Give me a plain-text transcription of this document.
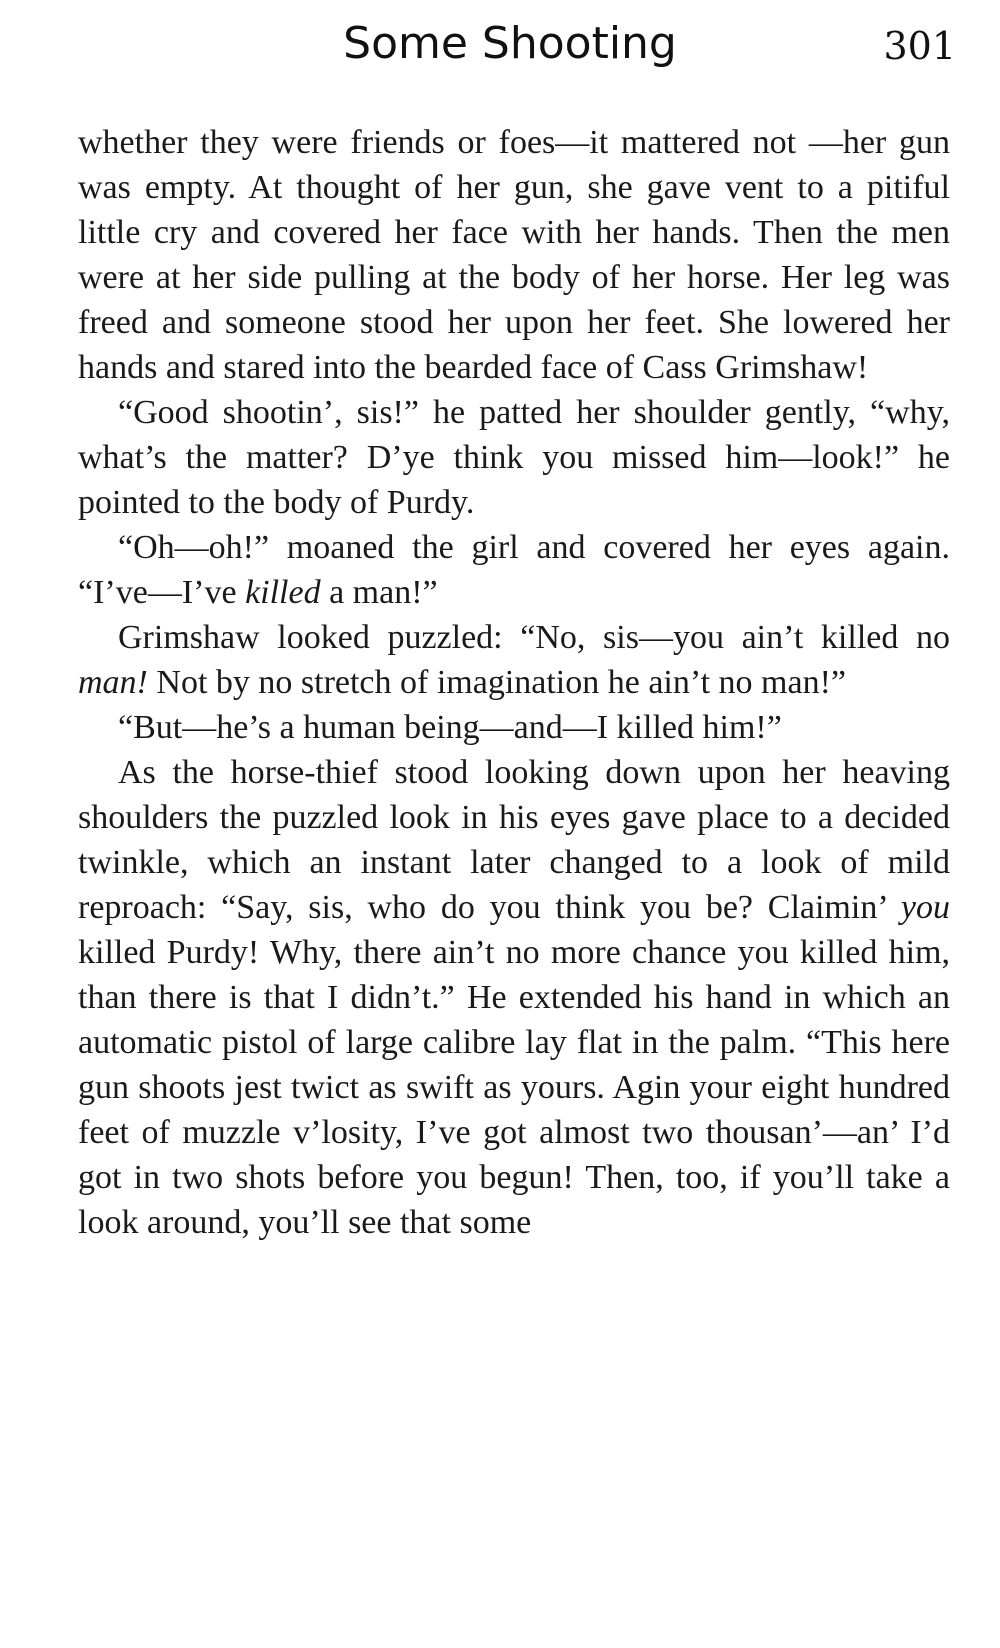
Some Shooting	301

whether they were friends or foes—it mattered not —her gun was empty. At thought of her gun, she gave vent to a pitiful little cry and covered her face with her hands. Then the men were at her side pulling at the body of her horse. Her leg was freed and someone stood her upon her feet. She lowered her hands and stared into the bearded face of Cass Grimshaw!

“Good shootin’, sis!” he patted her shoulder gently, “why, what’s the matter? D’ye think you missed him—look!” he pointed to the body of Purdy.

“Oh—oh!” moaned the girl and covered her eyes again. “I’ve—I’ve killed a man!”

Grimshaw looked puzzled: “No, sis—you ain’t killed no man! Not by no stretch of imagination he ain’t no man!”

“But—he’s a human being—and—I killed him!”

As the horse-thief stood looking down upon her heaving shoulders the puzzled look in his eyes gave place to a decided twinkle, which an instant later changed to a look of mild reproach: “Say, sis, who do you think you be? Claimin’ you killed Purdy! Why, there ain’t no more chance you killed him, than there is that I didn’t.” He extended his hand in which an automatic pistol of large calibre lay flat in the palm. “This here gun shoots jest twict as swift as yours. Agin your eight hundred feet of muzzle v’losity, I’ve got almost two thousan’—an’ I’d got in two shots before you begun! Then, too, if you’ll take a look around, you’ll see that some
